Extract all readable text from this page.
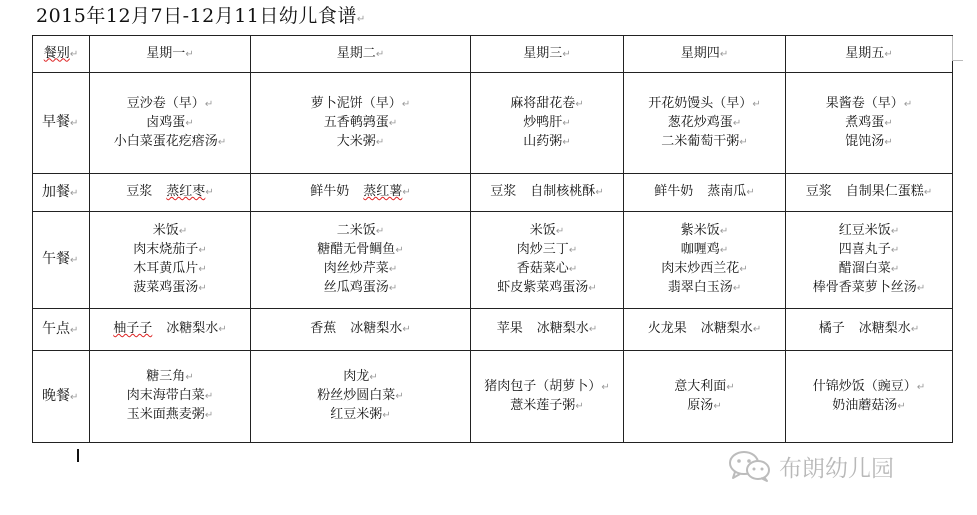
2015年12月7日-12月11日幼儿食谱↵
餐别↵	星期一↵	星期二↵	星期三↵	星期四↵	星期五↵
早餐↵	豆沙卷（早）↵
卤鸡蛋↵
小白菜蛋花疙瘩汤↵	萝卜泥饼（早）↵
五香鹌鹑蛋↵
大米粥↵	麻将甜花卷↵
炒鸭肝↵
山药粥↵	开花奶馒头（早）↵
葱花炒鸡蛋↵
二米葡萄干粥↵	果酱卷（早）↵
煮鸡蛋↵
馄饨汤↵

加餐↵	豆浆 蒸红枣↵	鲜牛奶 蒸红薯↵	豆浆 自制核桃酥↵	鲜牛奶 蒸南瓜↵	豆浆 自制果仁蛋糕↵
午餐↵	米饭↵
肉末烧茄子↵
木耳黄瓜片↵
菠菜鸡蛋汤↵	二米饭↵
糖醋无骨鲷鱼↵
肉丝炒芹菜↵
丝瓜鸡蛋汤↵	米饭↵
肉炒三丁↵
香菇菜心↵
虾皮紫菜鸡蛋汤↵	紫米饭↵
咖喱鸡↵
肉末炒西兰花↵
翡翠白玉汤↵	红豆米饭↵
四喜丸子↵
醋溜白菜↵
棒骨香菜萝卜丝汤↵

午点↵	柚子子 冰糖梨水↵	香蕉 冰糖梨水↵	苹果 冰糖梨水↵	火龙果 冰糖梨水↵	橘子 冰糖梨水↵
晚餐↵	糖三角↵
肉末海带白菜↵
玉米面燕麦粥↵	肉龙↵
粉丝炒圆白菜↵
红豆米粥↵	猪肉包子（胡萝卜）↵
薏米莲子粥↵	意大利面↵
原汤↵	什锦炒饭（豌豆）↵
奶油蘑菇汤↵
布朗幼儿园
